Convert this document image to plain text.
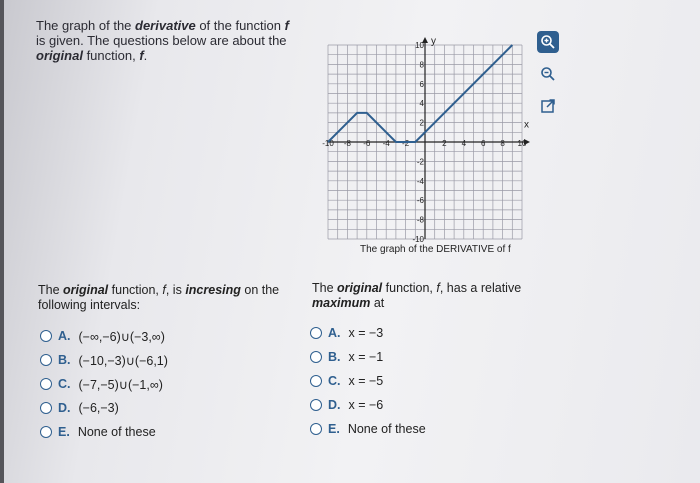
The graph of the derivative of the function f is given. The questions below are about the original function, f.
-10 -8 -6 -4 -2	2 4 6 8 10
10
8
6
4
2
-2
-4
-6
-8
-10
y
x
The graph of the DERIVATIVE of f
The original function, f, is incresing on the following intervals:
A. (−∞,−6)∪(−3,∞)
B. (−10,−3)∪(−6,1)
C. (−7,−5)∪(−1,∞)
D. (−6,−3)
E. None of these
The original function, f, has a relative maximum at
A. x = −3
B. x = −1
C. x = −5
D. x = −6
E. None of these
